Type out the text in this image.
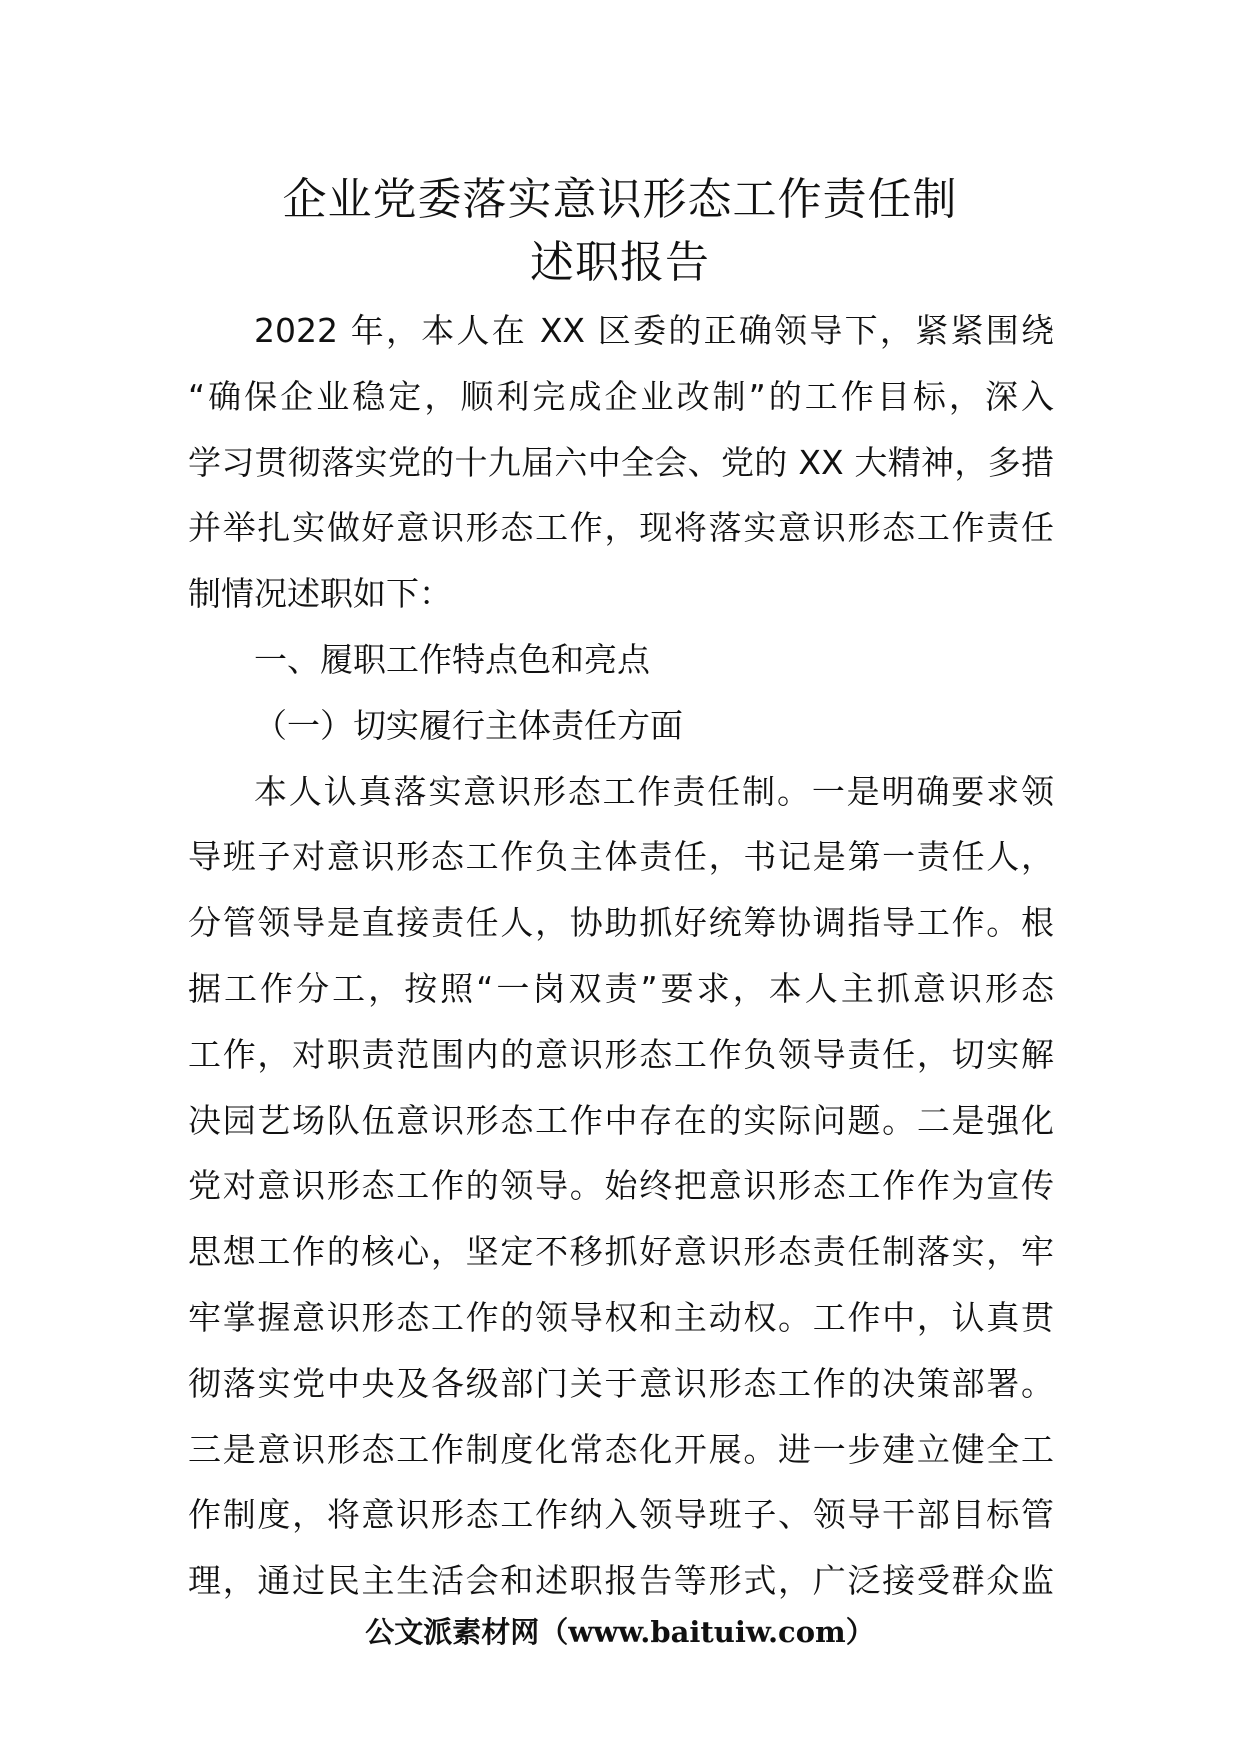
企业党委落实意识形态工作责任制
述职报告
2022 年，本人在 XX 区委的正确领导下，紧紧围绕
“确保企业稳定，顺利完成企业改制”的工作目标，深入
学习贯彻落实党的十九届六中全会、党的 XX 大精神，多措
并举扎实做好意识形态工作，现将落实意识形态工作责任
制情况述职如下：
一、履职工作特点色和亮点
（一）切实履行主体责任方面
本人认真落实意识形态工作责任制。一是明确要求领
导班子对意识形态工作负主体责任，书记是第一责任人，
分管领导是直接责任人，协助抓好统筹协调指导工作。根
据工作分工，按照“一岗双责”要求，本人主抓意识形态
工作，对职责范围内的意识形态工作负领导责任，切实解
决园艺场队伍意识形态工作中存在的实际问题。二是强化
党对意识形态工作的领导。始终把意识形态工作作为宣传
思想工作的核心，坚定不移抓好意识形态责任制落实，牢
牢掌握意识形态工作的领导权和主动权。工作中，认真贯
彻落实党中央及各级部门关于意识形态工作的决策部署。
三是意识形态工作制度化常态化开展。进一步建立健全工
作制度，将意识形态工作纳入领导班子、领导干部目标管
理，通过民主生活会和述职报告等形式，广泛接受群众监
公文派素材网（www.baituiw.com）
